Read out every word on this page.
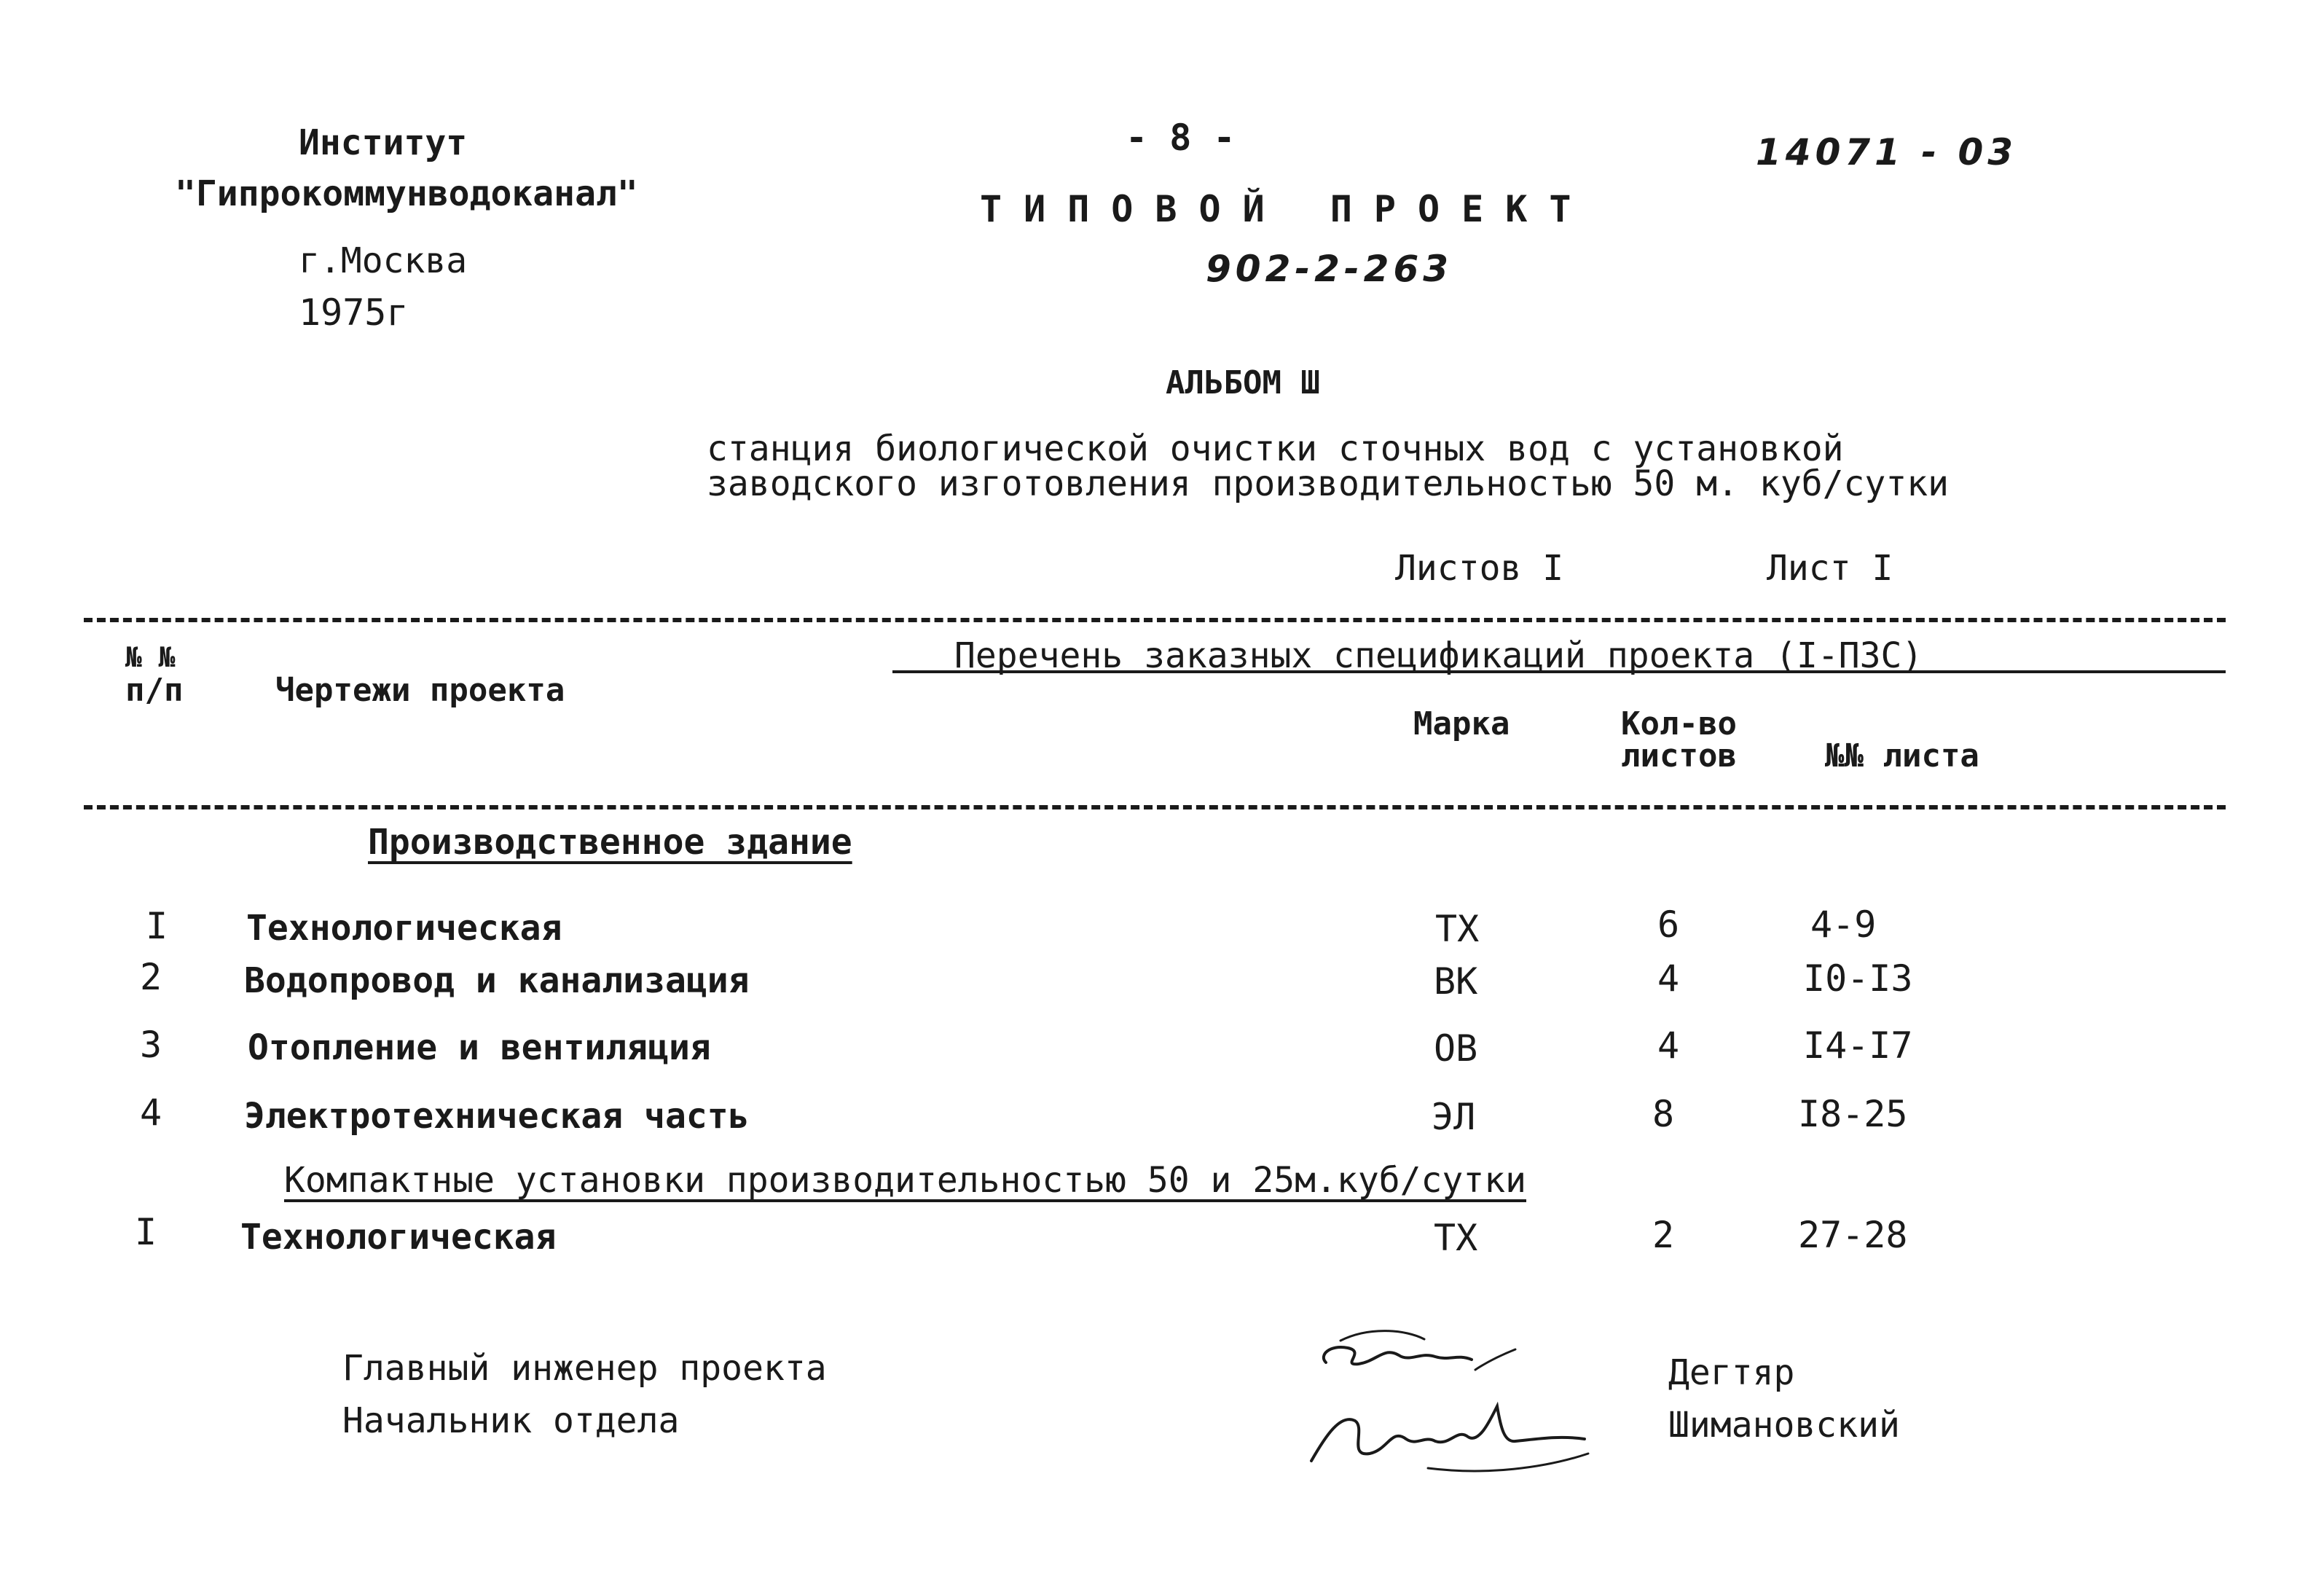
Институт
"Гипрокоммунводоканал"
г.Москва
1975г
- 8 -
ТИПОВОЙ ПРОЕКТ
902-2-263
14071 - 03
АЛЬБОМ Ш
станция биологической очистки сточных вод с установкой
заводского изготовления производительностью 50 м. куб/сутки
Листов I	Лист I
№ №
п/п	Чертежи проекта
Перечень заказных спецификаций проекта (I-ПЗС)
Марка	Кол-во
листов	№№ листа
Производственное здание
I Технологическая	ТХ	6	4-9
2 Водопровод и канализация	ВК	4	I0-I3
3 Отопление и вентиляция	ОВ	4	I4-I7
4 Электротехническая часть	ЭЛ	8	I8-25
Компактные установки производительностью 50 и 25м.куб/сутки
I Технологическая	ТХ	2	27-28
Главный инженер проекта
Начальник отдела
Дегтяр
Шимановский
